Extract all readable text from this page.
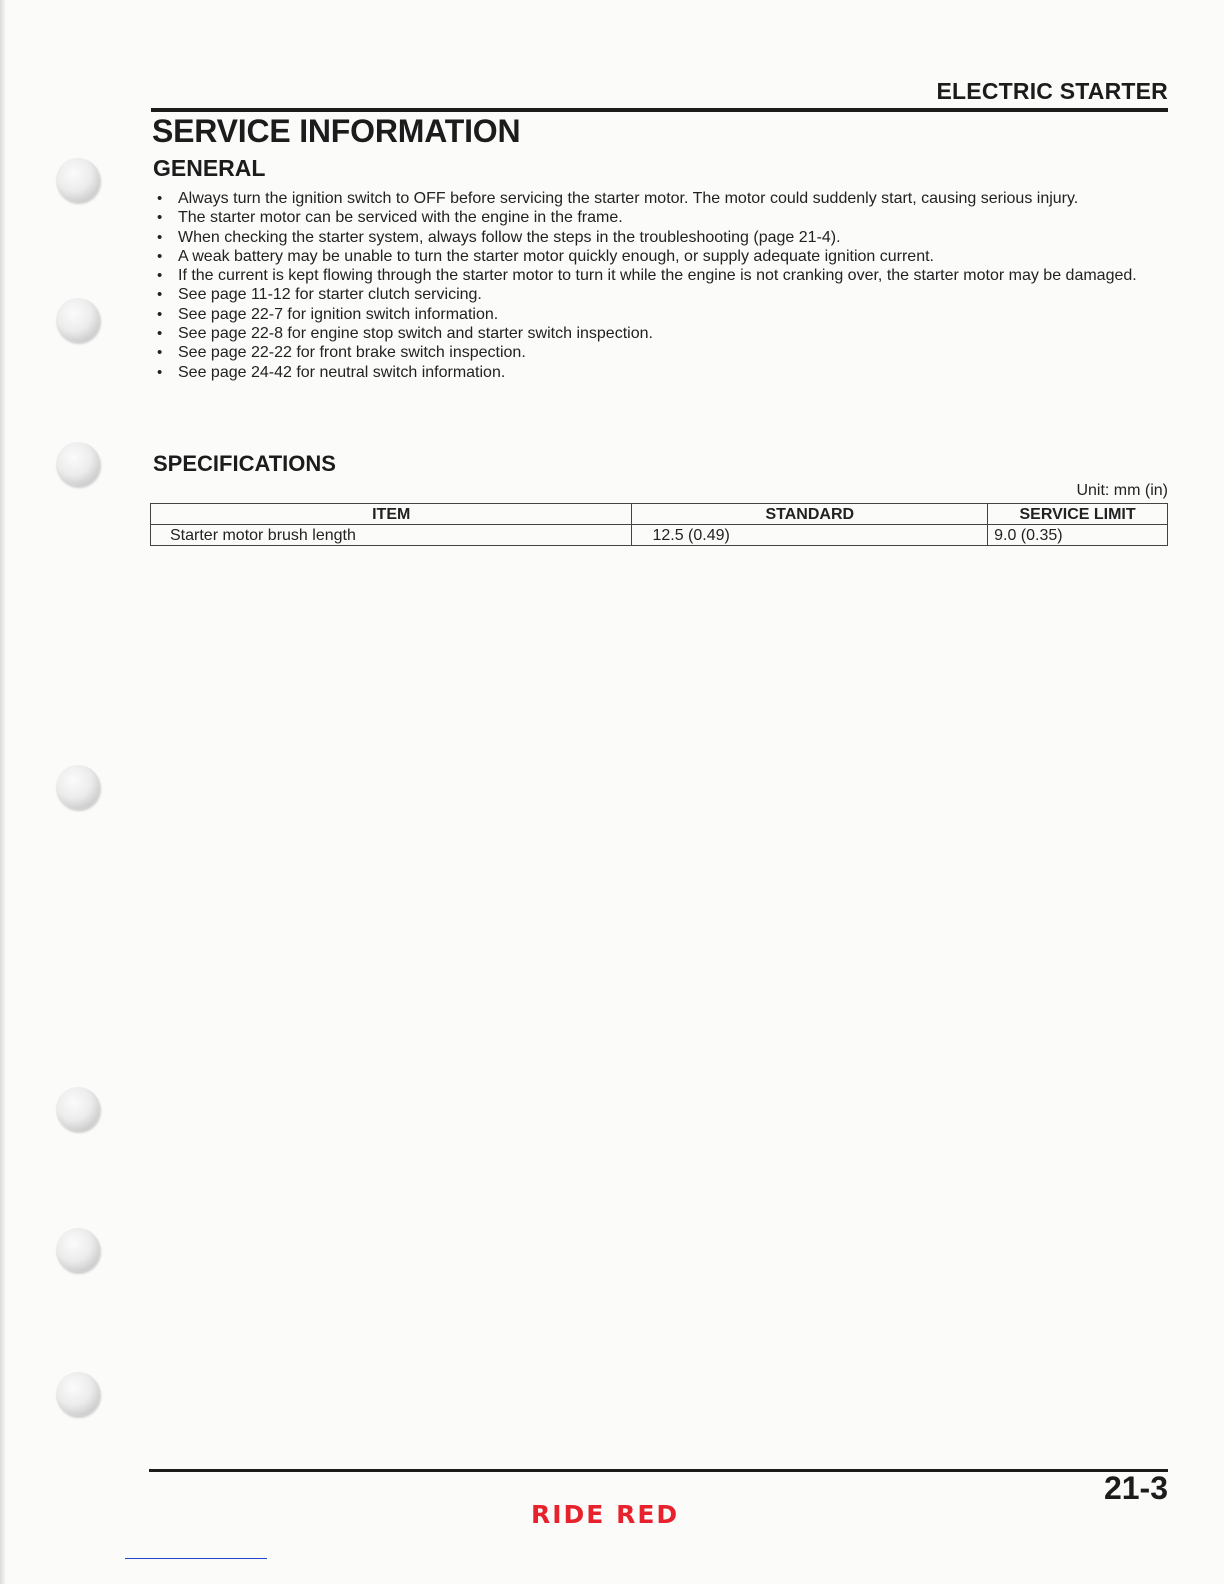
ELECTRIC STARTER
SERVICE INFORMATION
GENERAL
• Always turn the ignition switch to OFF before servicing the starter motor. The motor could suddenly start, causing serious injury.
• The starter motor can be serviced with the engine in the frame.
• When checking the starter system, always follow the steps in the troubleshooting (page 21-4).
• A weak battery may be unable to turn the starter motor quickly enough, or supply adequate ignition current.
• If the current is kept flowing through the starter motor to turn it while the engine is not cranking over, the starter motor may be damaged.
• See page 11-12 for starter clutch servicing.
• See page 22-7 for ignition switch information.
• See page 22-8 for engine stop switch and starter switch inspection.
• See page 22-22 for front brake switch inspection.
• See page 24-42 for neutral switch information.
SPECIFICATIONS
Unit: mm (in)
ITEM	STANDARD	SERVICE LIMIT
Starter motor brush length	12.5 (0.49)	9.0 (0.35)
21-3
RIDE RED
